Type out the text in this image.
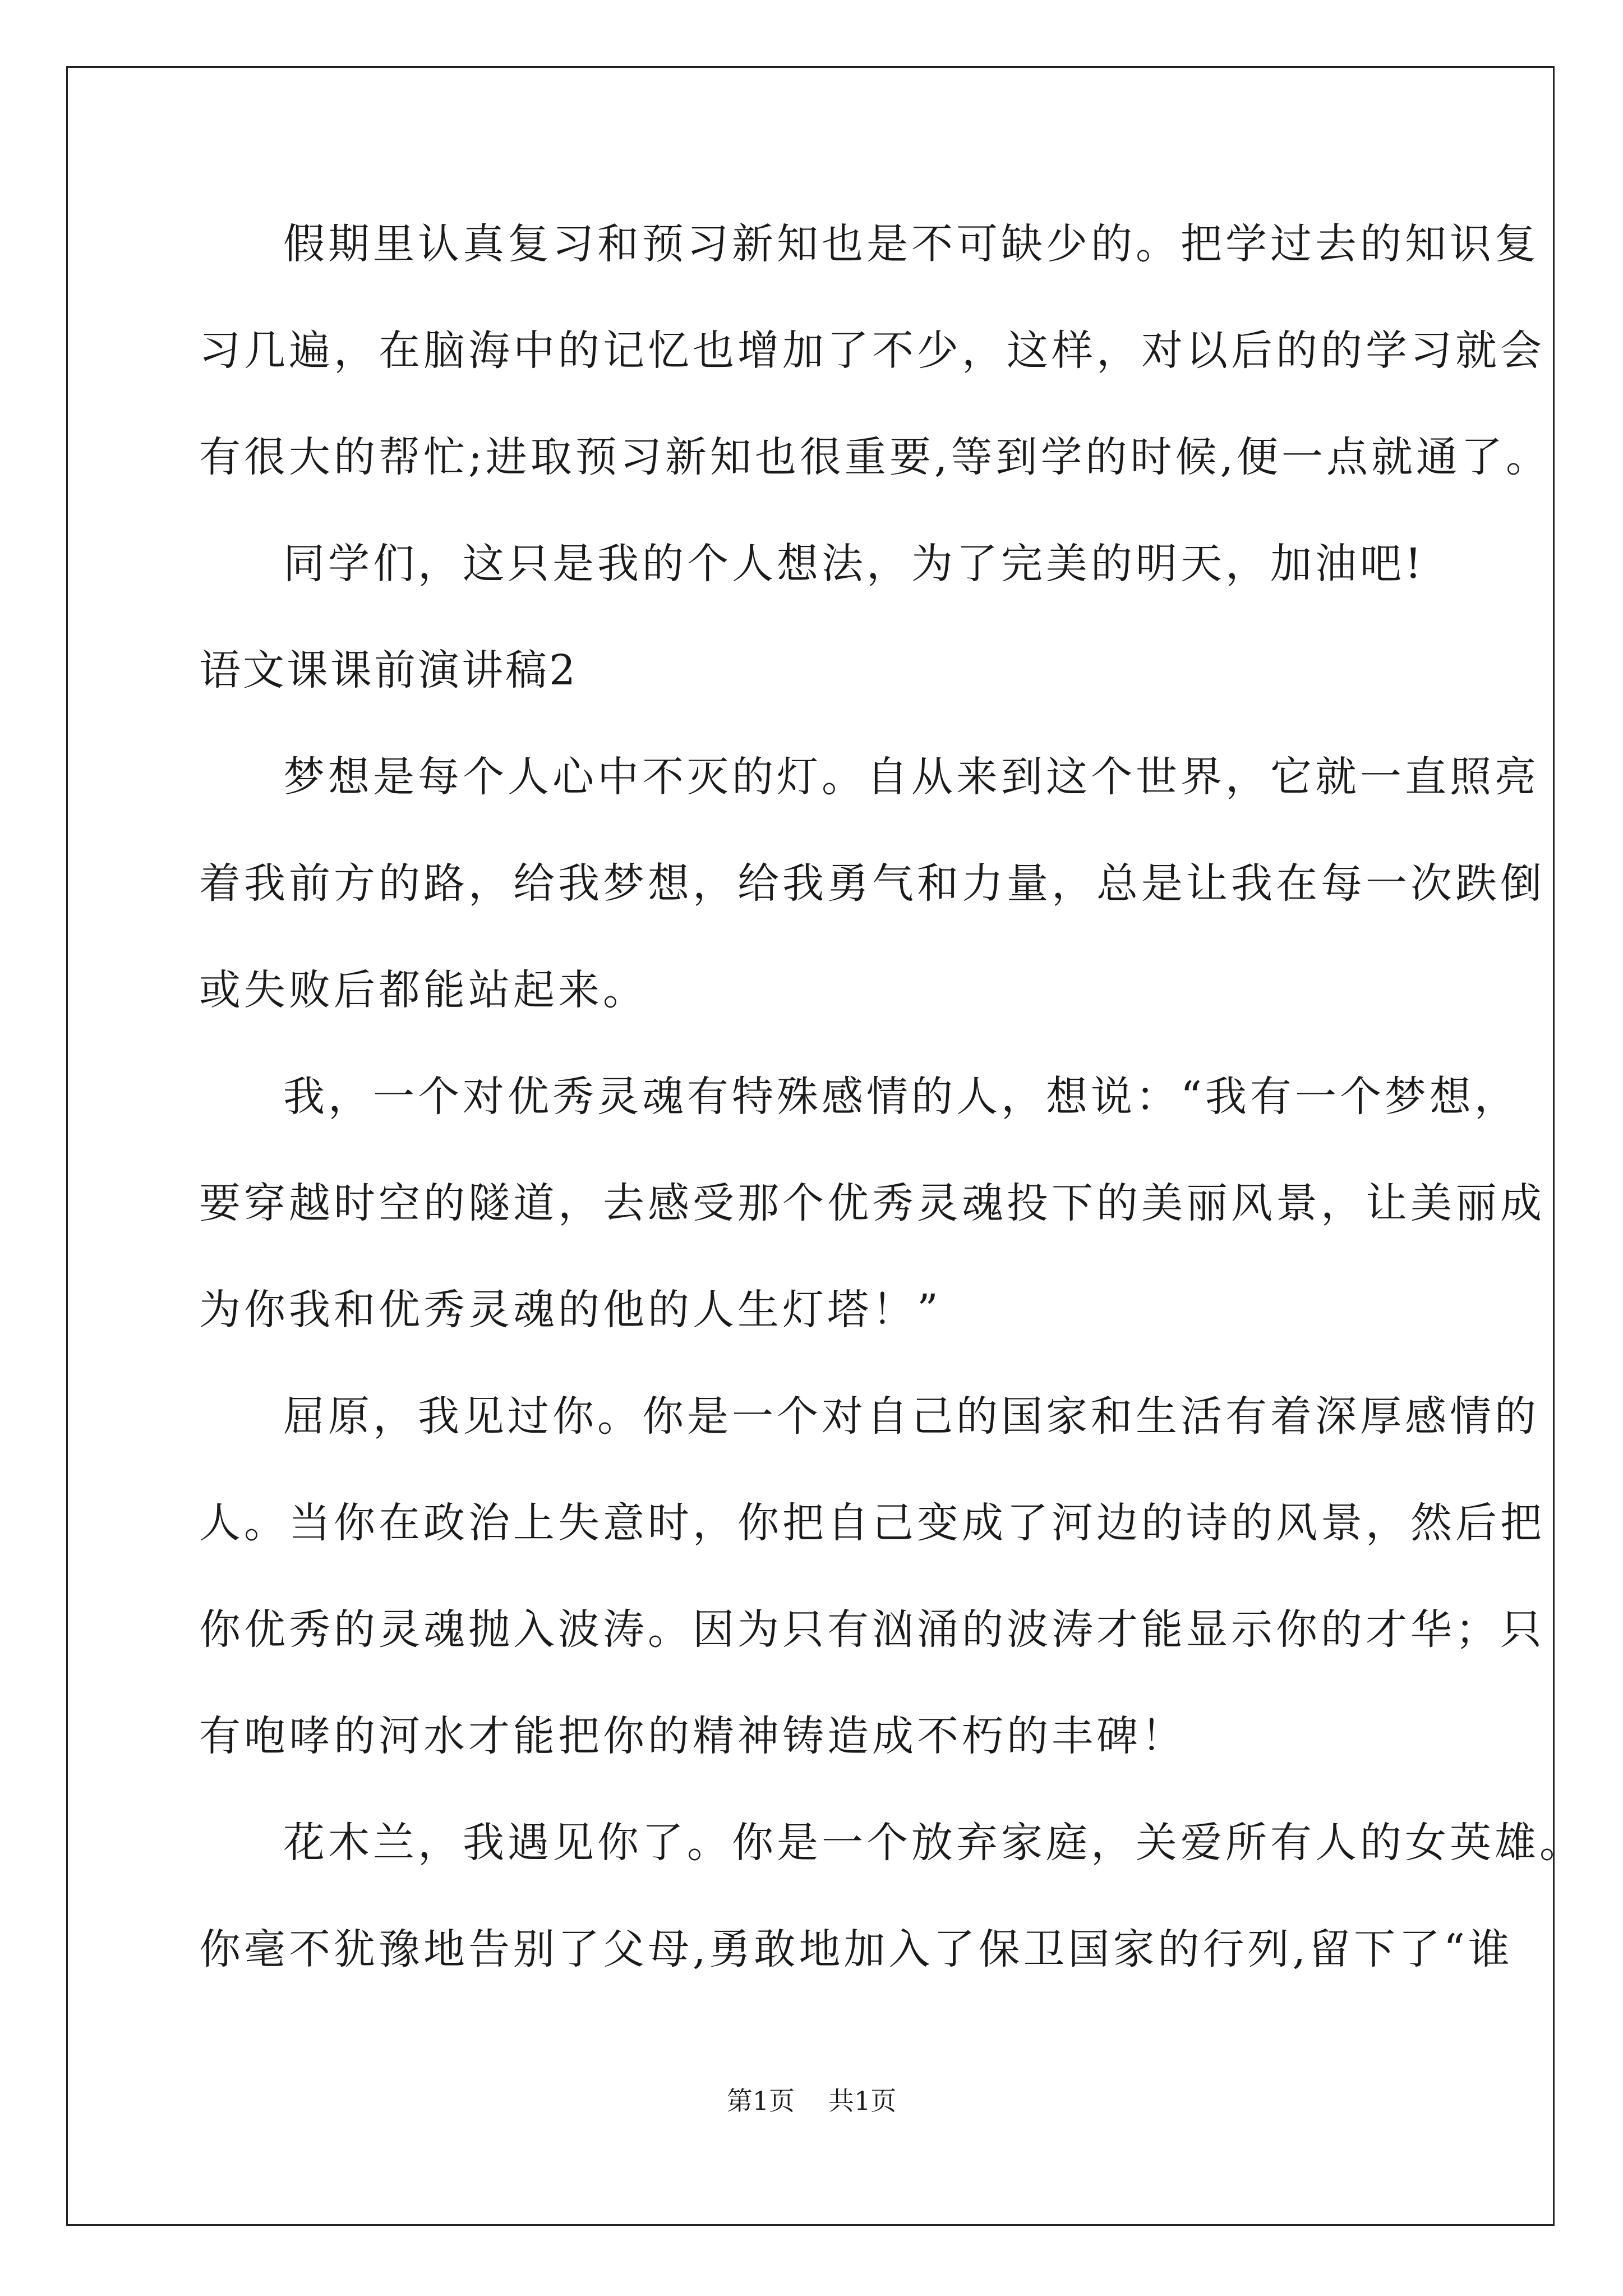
假期里认真复习和预习新知也是不可缺少的。把学过去的知识复
习几遍，在脑海中的记忆也增加了不少，这样，对以后的的学习就会
有很大的帮忙;进取预习新知也很重要,等到学的时候,便一点就通了。
同学们，这只是我的个人想法，为了完美的明天，加油吧!
语文课课前演讲稿2
梦想是每个人心中不灭的灯。自从来到这个世界，它就一直照亮
着我前方的路，给我梦想，给我勇气和力量，总是让我在每一次跌倒
或失败后都能站起来。
我，一个对优秀灵魂有特殊感情的人，想说：“我有一个梦想，
要穿越时空的隧道，去感受那个优秀灵魂投下的美丽风景，让美丽成
为你我和优秀灵魂的他的人生灯塔！”
屈原，我见过你。你是一个对自己的国家和生活有着深厚感情的
人。当你在政治上失意时，你把自己变成了河边的诗的风景，然后把
你优秀的灵魂抛入波涛。因为只有汹涌的波涛才能显示你的才华；只
有咆哮的河水才能把你的精神铸造成不朽的丰碑！
花木兰，我遇见你了。你是一个放弃家庭，关爱所有人的女英雄。
你毫不犹豫地告别了父母,勇敢地加入了保卫国家的行列,留下了“谁
第1页 共1页
